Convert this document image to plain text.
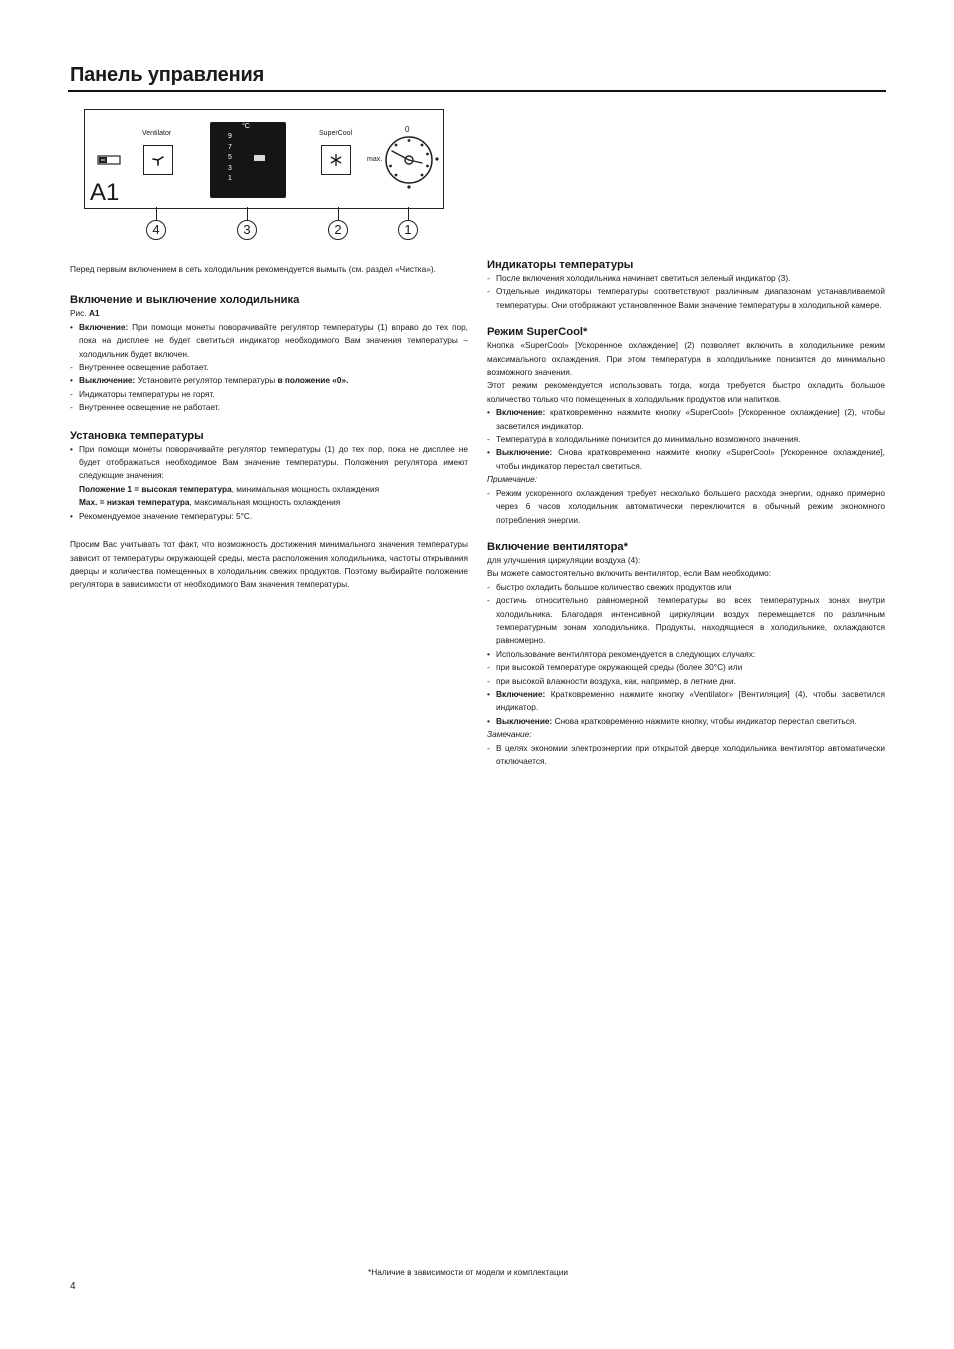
Панель управления
A1
Ventilator
°C
9
7
5
3
1
SuperCool	0
max.
4	3	2	1

Перед первым включением в сеть холодильник рекомендуется вымыть (см. раздел «Чистка»).

Включение и выключение холодильника

Рис. A1

• Включение: При помощи монеты поворачивайте регулятор температуры (1) вправо до тех пор, пока на дисплее не будет светиться индикатор необходимого Вам значения температуры – холодильник будет включен.
- Внутреннее освещение работает.
• Выключение: Установите регулятор температуры в положение «0».
- Индикаторы температуры не горят.
- Внутреннее освещение не работает.

Установка температуры

• При помощи монеты поворачивайте регулятор температуры (1) до тех пор, пока не дисплее не будет отображаться необходимое Вам значение температуры. Положения регулятора имеют следующие значения:
Положение 1 = высокая температура, минимальная мощность охлаждения
Max. = низкая температура, максимальная мощность охлаждения
• Рекомендуемое значение температуры: 5°C.

Просим Вас учитывать тот факт, что возможность достижения минимального значения температуры зависит от температуры окружающей среды, места расположения холодильника, частоты открывания дверцы и количества помещенных в холодильник свежих продуктов. Поэтому выбирайте положение регулятора в зависимости от необходимого Вам значения температуры.

Индикаторы температуры

- После включения холодильника начинает светиться зеленый индикатор (3).
- Отдельные индикаторы температуры соответствуют различным диапазонам устанавливаемой температуры. Они отображают установленное Вами значение температуры в холодильной камере.

Режим SuperCool*

Кнопка «SuperCool» [Ускоренное охлаждение] (2) позволяет включить в холодильнике режим максимального охлаждения. При этом температура в холодильнике понизится до минимально возможного значения.

Этот режим рекомендуется использовать тогда, когда требуется быстро охладить большое количество только что помещенных в холодильник продуктов или напитков.

• Включение: кратковременно нажмите кнопку «SuperCool» [Ускоренное охлаждение] (2), чтобы засветился индикатор.
- Температура в холодильнике понизится до минимально возможного значения.
• Выключение: Снова кратковременно нажмите кнопку «SuperCool» [Ускоренное охлаждение], чтобы индикатор перестал светиться.

Примечание:

- Режим ускоренного охлаждения требует несколько большего расхода энергии, однако примерно через 6 часов холодильник автоматически переключится в обычный режим экономного потребления энергии.

Включение вентилятора*

для улучшения циркуляции воздуха (4):

Вы можете самостоятельно включить вентилятор, если Вам необходимо:

- быстро охладить большое количество свежих продуктов или
- достичь относительно равномерной температуры во всех температурных зонах внутри холодильника. Благодаря интенсивной циркуляции воздух перемещается по различным температурным зонам холодильника. Продукты, находящиеся в холодильнике, охлаждаются равномерно.
• Использование вентилятора рекомендуется в следующих случаях:
- при высокой температуре окружающей среды (более 30°C) или
- при высокой влажности воздуха, как, например, в летние дни.
• Включение: Кратковременно нажмите кнопку «Ventilator» [Вентиляция] (4), чтобы засветился индикатор.
• Выключение: Снова кратковременно нажмите кнопку, чтобы индикатор перестал светиться.

Замечание:

- В целях экономии электроэнергии при открытой дверце холодильника вентилятор автоматически отключается.
*Наличие в зависимости от модели и комплектации
4
